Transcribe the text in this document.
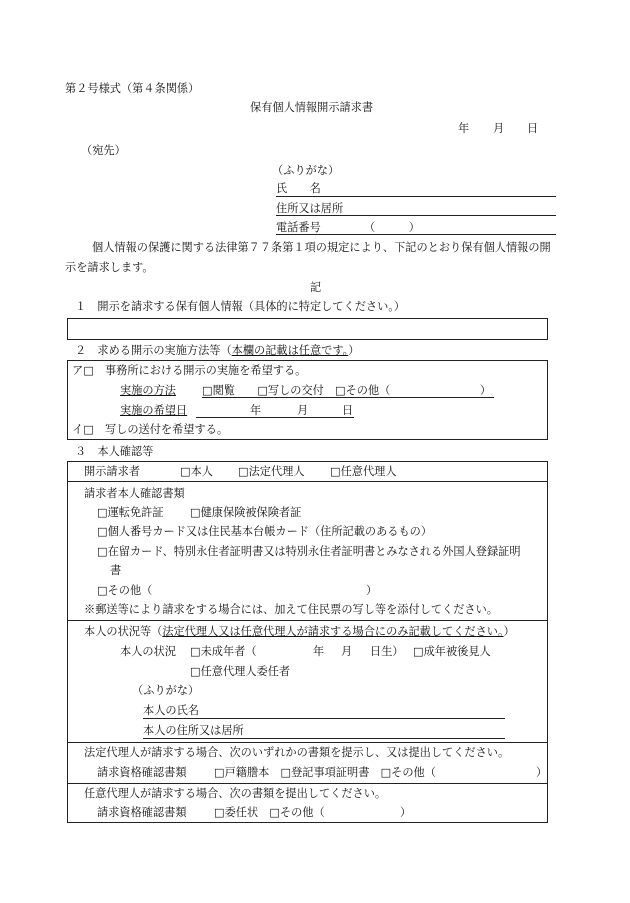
第２号様式（第４条関係）
保有個人情報開示請求書
年 月 日
（宛先）
（ふりがな）
氏　　名
住所又は居所
電話番号	（　　　）
個人情報の保護に関する法律第７７条第１項の規定により、下記のとおり保有個人情報の開
示を請求します。
記
１　開示を請求する保有個人情報（具体的に特定してください。）
２　求める開示の実施方法等（本欄の記載は任意です。）
ア□　事務所における開示の実施を希望する。
実施の方法 □閲覧　　□写しの交付　□その他（　　　　　　　　）
実施の希望日	年	月	日
イ□　写しの送付を希望する。
３　本人確認等
開示請求者	□本人 □法定代理人 □任意代理人
請求者本人確認書類
□運転免許証 □健康保険被保険者証
□個人番号カード又は住民基本台帳カード（住所記載のあるもの）
□在留カード、特別永住者証明書又は特別永住者証明書とみなされる外国人登録証明
書
□その他（	）
※郵送等により請求をする場合には、加えて住民票の写し等を添付してください。
本人の状況等（法定代理人又は任意代理人が請求する場合にのみ記載してください。）
本人の状況 □未成年者（	年 月 日生） □成年被後見人
□任意代理人委任者
（ふりがな）
本人の氏名
本人の住所又は居所
法定代理人が請求する場合、次のいずれかの書類を提示し、又は提出してください。
請求資格確認書類 □戸籍謄本　□登記事項証明書　□その他（	）
任意代理人が請求する場合、次の書類を提出してください。
請求資格確認書類 □委任状　□その他（	）
